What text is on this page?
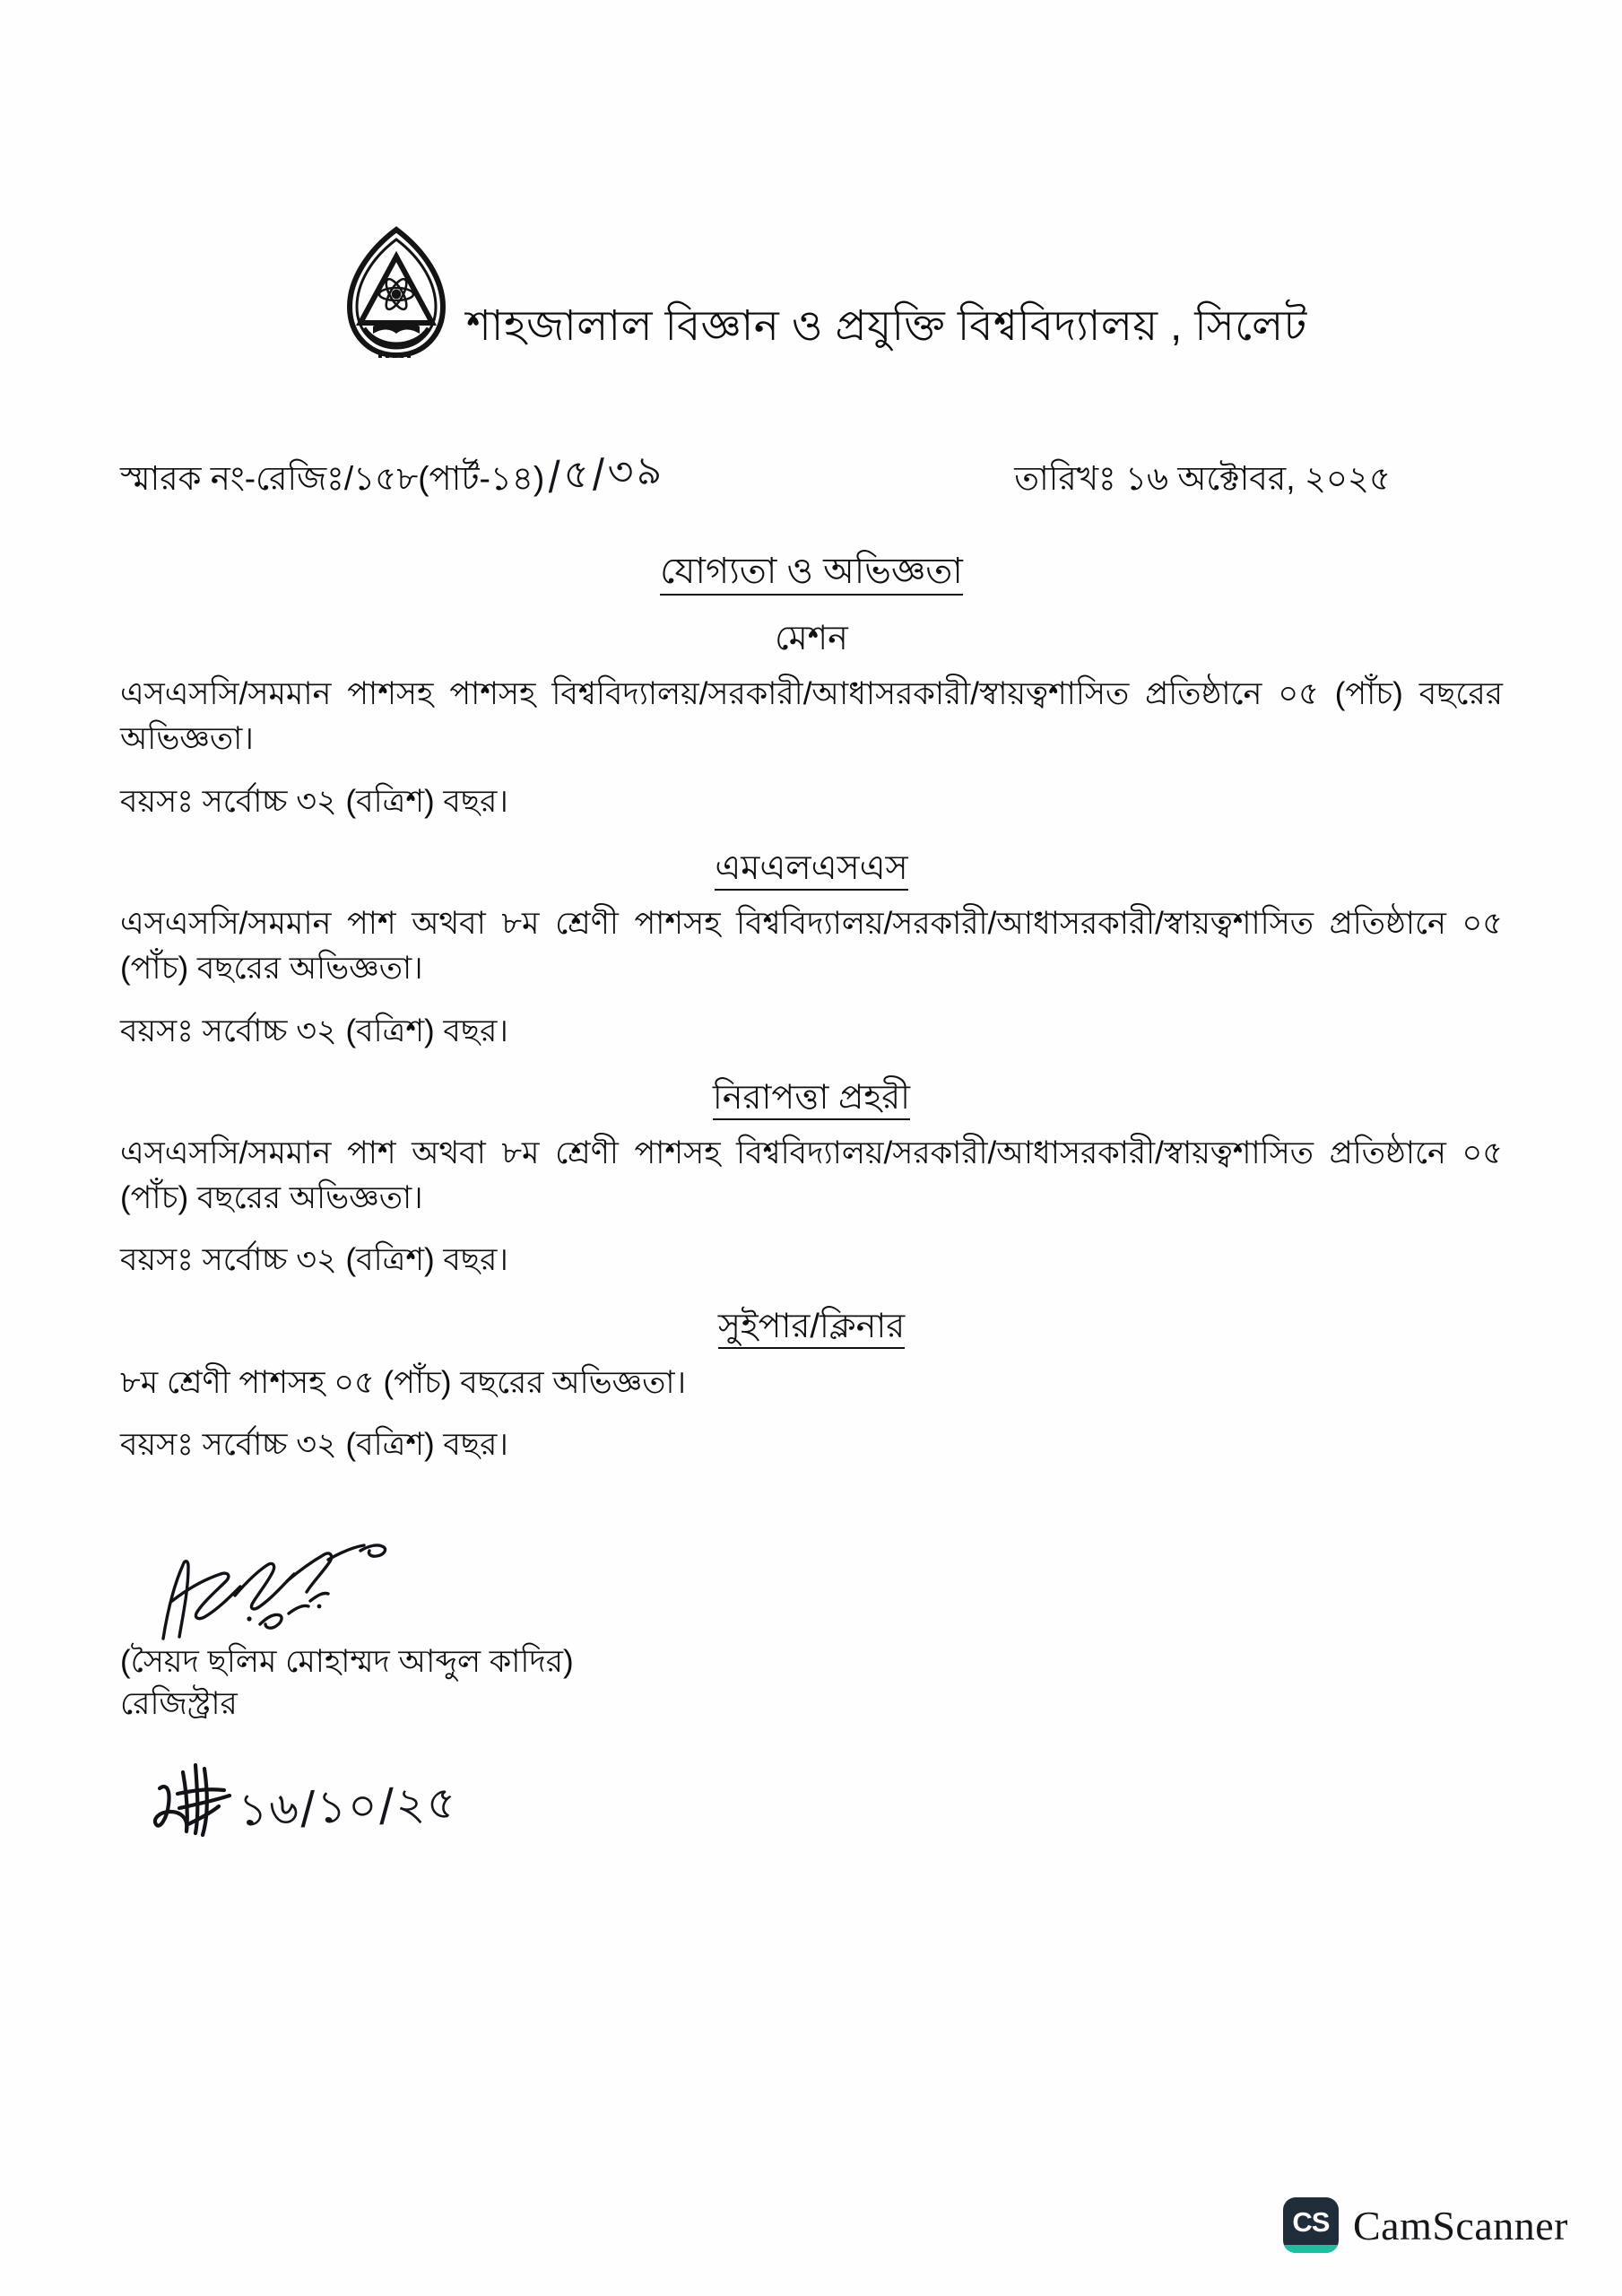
শাহজালাল বিজ্ঞান ও প্রযুক্তি বিশ্ববিদ্যালয় , সিলেট
স্মারক নং-রেজিঃ/১৫৮(পার্ট-১৪) /৫/৩৯	তারিখঃ ১৬ অক্টোবর, ২০২৫
যোগ্যতা ও অভিজ্ঞতা
মেশন
এসএসসি/সমমান পাশসহ পাশসহ বিশ্ববিদ্যালয়/সরকারী/আধাসরকারী/স্বায়ত্বশাসিত প্রতিষ্ঠানে ০৫ (পাঁচ) বছরের অভিজ্ঞতা।
বয়সঃ সর্বোচ্চ ৩২ (বত্রিশ) বছর।
এমএলএসএস
এসএসসি/সমমান পাশ অথবা ৮ম শ্রেণী পাশসহ বিশ্ববিদ্যালয়/সরকারী/আধাসরকারী/স্বায়ত্বশাসিত প্রতিষ্ঠানে ০৫ (পাঁচ) বছরের অভিজ্ঞতা।
বয়সঃ সর্বোচ্চ ৩২ (বত্রিশ) বছর।
নিরাপত্তা প্রহরী
এসএসসি/সমমান পাশ অথবা ৮ম শ্রেণী পাশসহ বিশ্ববিদ্যালয়/সরকারী/আধাসরকারী/স্বায়ত্বশাসিত প্রতিষ্ঠানে ০৫ (পাঁচ) বছরের অভিজ্ঞতা।
বয়সঃ সর্বোচ্চ ৩২ (বত্রিশ) বছর।
সুইপার/ক্লিনার
৮ম শ্রেণী পাশসহ ০৫ (পাঁচ) বছরের অভিজ্ঞতা।
বয়সঃ সর্বোচ্চ ৩২ (বত্রিশ) বছর।
(সৈয়দ ছলিম মোহাম্মদ আব্দুল কাদির)
রেজিস্ট্রার
১৬/১০/২৫
CS CamScanner
